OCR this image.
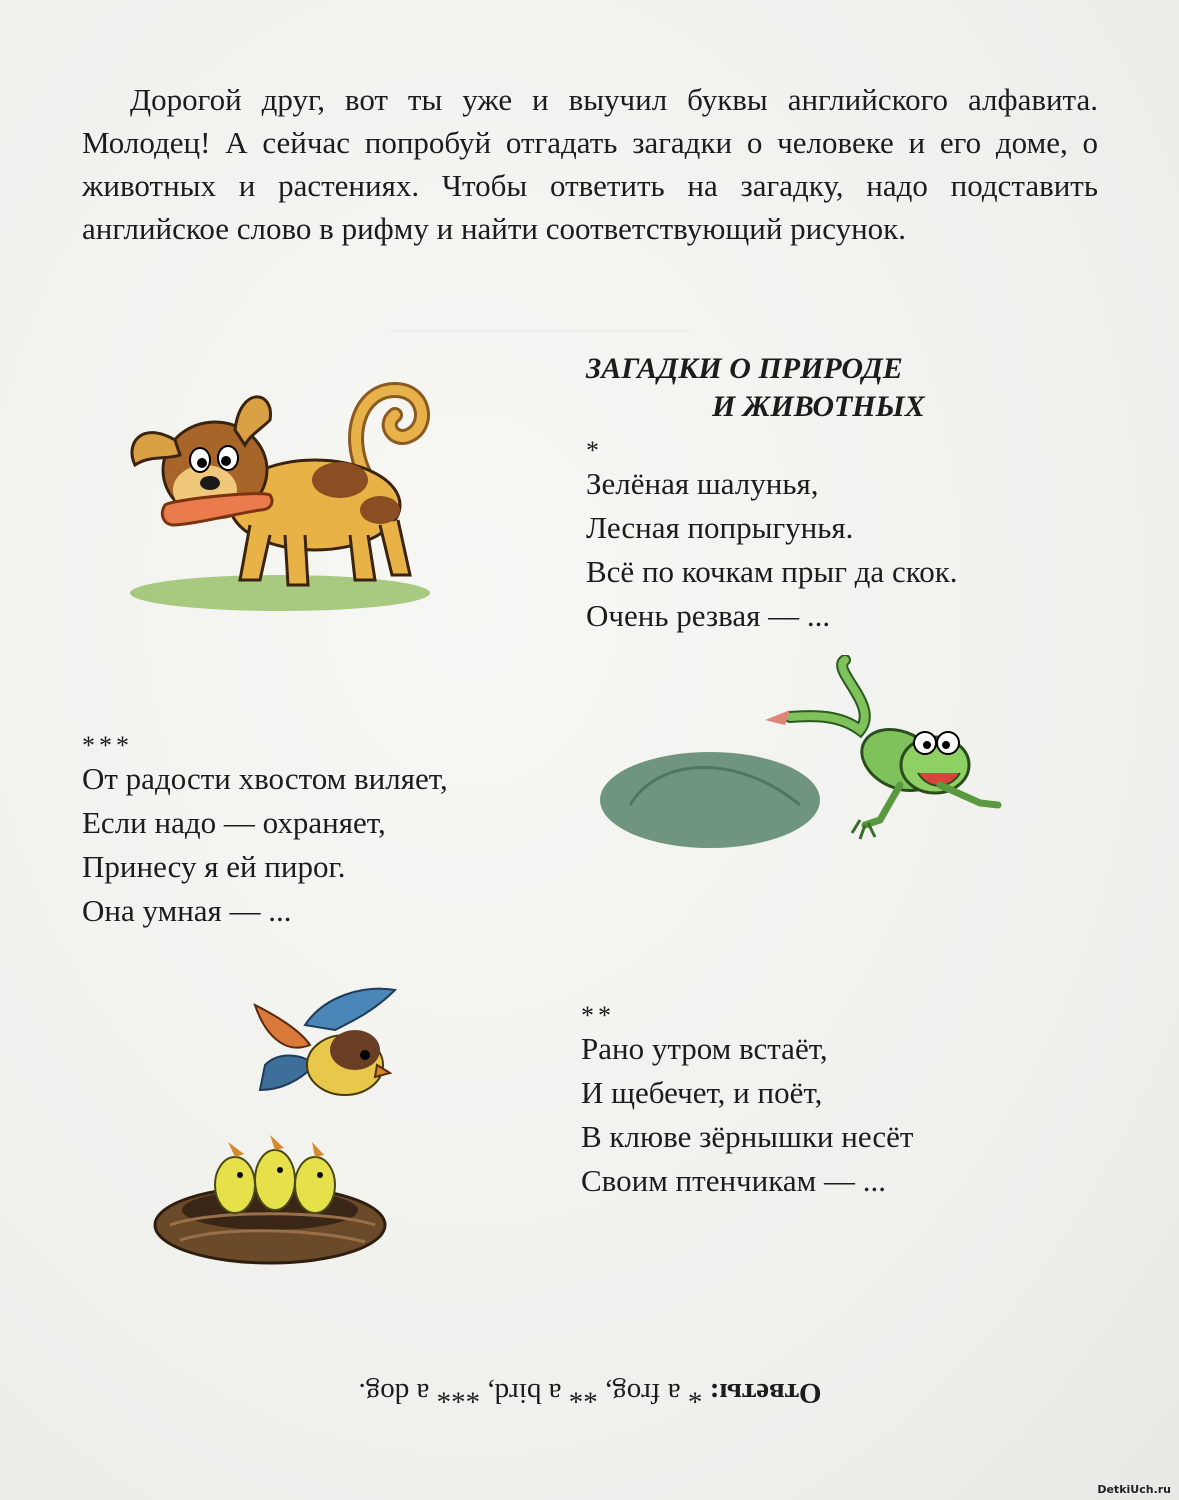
Дорогой друг, вот ты уже и выучил буквы английского алфавита. Молодец! А сейчас попробуй отгадать загадки о человеке и его доме, о животных и растениях. Чтобы ответить на загадку, надо подставить английское слово в рифму и найти соответствующий рисунок.

ЗАГАДКИ О ПРИРОДЕ
И ЖИВОТНЫХ
*
Зелёная шалунья,
Лесная попрыгунья.
Всё по кочкам прыг да скок.
Очень резвая — ...
***
От радости хвостом виляет,
Если надо — охраняет,
Принесу я ей пирог.
Она умная — ...
**
Рано утром встаёт,
И щебечет, и поёт,
В клюве зёрнышки несёт
Своим птенчикам — ...
Ответы: * a frog, ** a bird, *** a dog.
DetkiUch.ru
